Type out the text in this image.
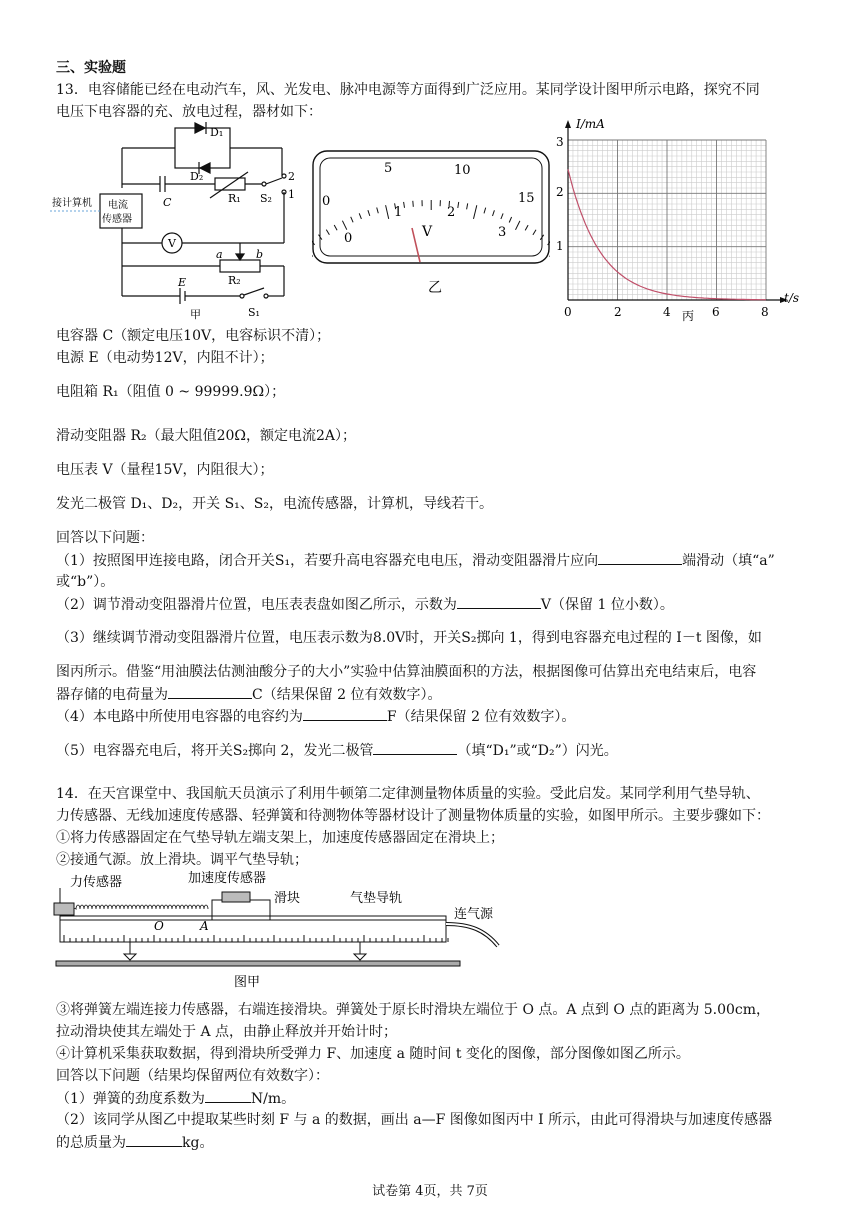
三、实验题
13．电容储能已经在电动汽车，风、光发电、脉冲电源等方面得到广泛应用。某同学设计图甲所示电路，探究不同
电压下电容器的充、放电过程，器材如下：
D₁
D₂
C	R₁ S₂
2
1
接计算机 电流
传感器
V
a	b
R₂
E
S₁
甲
0
5	10
15
0
1	2
3
V
乙
I/mA
t/s
0	2	4	6	8
1
2
3
丙
电容器 C（额定电压10V，电容标识不清）；
电源 E（电动势12V，内阻不计）；
电阻箱 R₁（阻值 0 ~ 99999.9Ω）；
滑动变阻器 R₂（最大阻值20Ω，额定电流2A）；
电压表 V（量程15V，内阻很大）；
发光二极管 D₁、D₂，开关 S₁、S₂，电流传感器，计算机，导线若干。
回答以下问题：
（1）按照图甲连接电路，闭合开关S₁，若要升高电容器充电电压，滑动变阻器滑片应向	端滑动（填“a”
或“b”）。
（2）调节滑动变阻器滑片位置，电压表表盘如图乙所示，示数为	V（保留 1 位小数）。
（3）继续调节滑动变阻器滑片位置，电压表示数为8.0V时，开关S₂掷向 1，得到电容器充电过程的 I－t 图像，如
图丙所示。借鉴“用油膜法估测油酸分子的大小”实验中估算油膜面积的方法，根据图像可估算出充电结束后，电容
器存储的电荷量为	C（结果保留 2 位有效数字）。
（4）本电路中所使用电容器的电容约为	F（结果保留 2 位有效数字）。
（5）电容器充电后，将开关S₂掷向 2，发光二极管	（填“D₁”或“D₂”）闪光。
14．在天宫课堂中、我国航天员演示了利用牛顿第二定律测量物体质量的实验。受此启发。某同学利用气垫导轨、
力传感器、无线加速度传感器、轻弹簧和待测物体等器材设计了测量物体质量的实验，如图甲所示。主要步骤如下：
①将力传感器固定在气垫导轨左端支架上，加速度传感器固定在滑块上；
②接通气源。放上滑块。调平气垫导轨；
力传感器	加速度传感器
滑块	气垫导轨
连气源
O	A
图甲
③将弹簧左端连接力传感器，右端连接滑块。弹簧处于原长时滑块左端位于 O 点。A 点到 O 点的距离为 5.00cm，
拉动滑块使其左端处于 A 点，由静止释放并开始计时；
④计算机采集获取数据，得到滑块所受弹力 F、加速度 a 随时间 t 变化的图像，部分图像如图乙所示。
回答以下问题（结果均保留两位有效数字）：
（1）弹簧的劲度系数为	N/m。
（2）该同学从图乙中提取某些时刻 F 与 a 的数据，画出 a—F 图像如图丙中 I 所示，由此可得滑块与加速度传感器
的总质量为	kg。
试卷第 4页，共 7页
